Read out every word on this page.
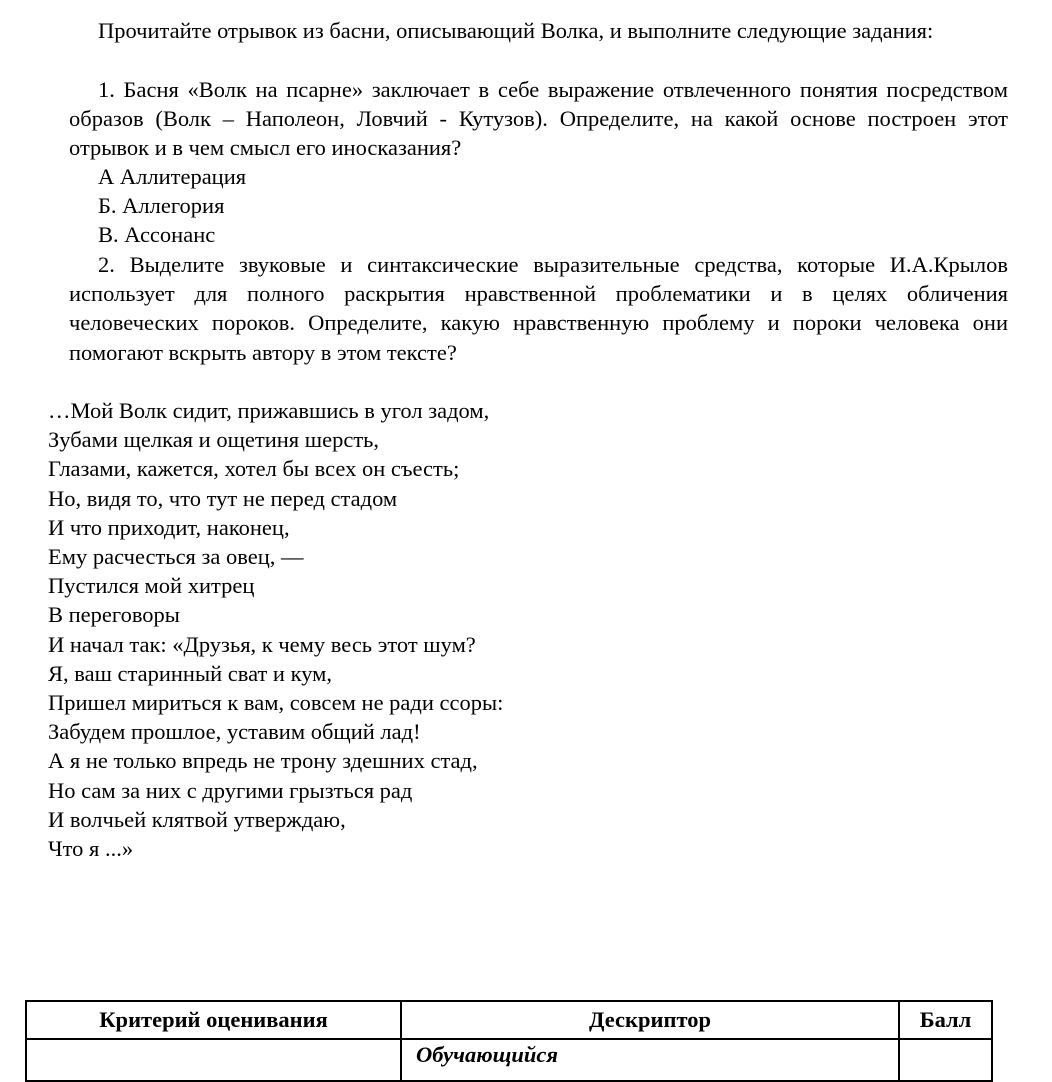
Прочитайте отрывок из басни, описывающий Волка, и выполните следующие задания:

1. Басня «Волк на псарне» заключает в себе выражение отвлеченного понятия посредством образов (Волк – Наполеон, Ловчий - Кутузов). Определите, на какой основе построен этот отрывок и в чем смысл его иносказания?

А Аллитерация
Б. Аллегория
В. Ассонанс

2. Выделите звуковые и синтаксические выразительные средства, которые И.А.Крылов использует для полного раскрытия нравственной проблематики и в целях обличения человеческих пороков. Определите, какую нравственную проблему и пороки человека они помогают вскрыть автору в этом тексте?

…Мой Волк сидит, прижавшись в угол задом,
Зубами щелкая и ощетиня шерсть,
Глазами, кажется, хотел бы всех он съесть;
Но, видя то, что тут не перед стадом
И что приходит, наконец,
Ему расчесться за овец, —
Пустился мой хитрец
В переговоры
И начал так: «Друзья, к чему весь этот шум?
Я, ваш старинный сват и кум,
Пришел мириться к вам, совсем не ради ссоры:
Забудем прошлое, уставим общий лад!
А я не только впредь не трону здешних стад,
Но сам за них с другими грызться рад
И волчьей клятвой утверждаю,
Что я ...»
Критерий оценивания	Дескриптор	Балл

	Обучающийся	
